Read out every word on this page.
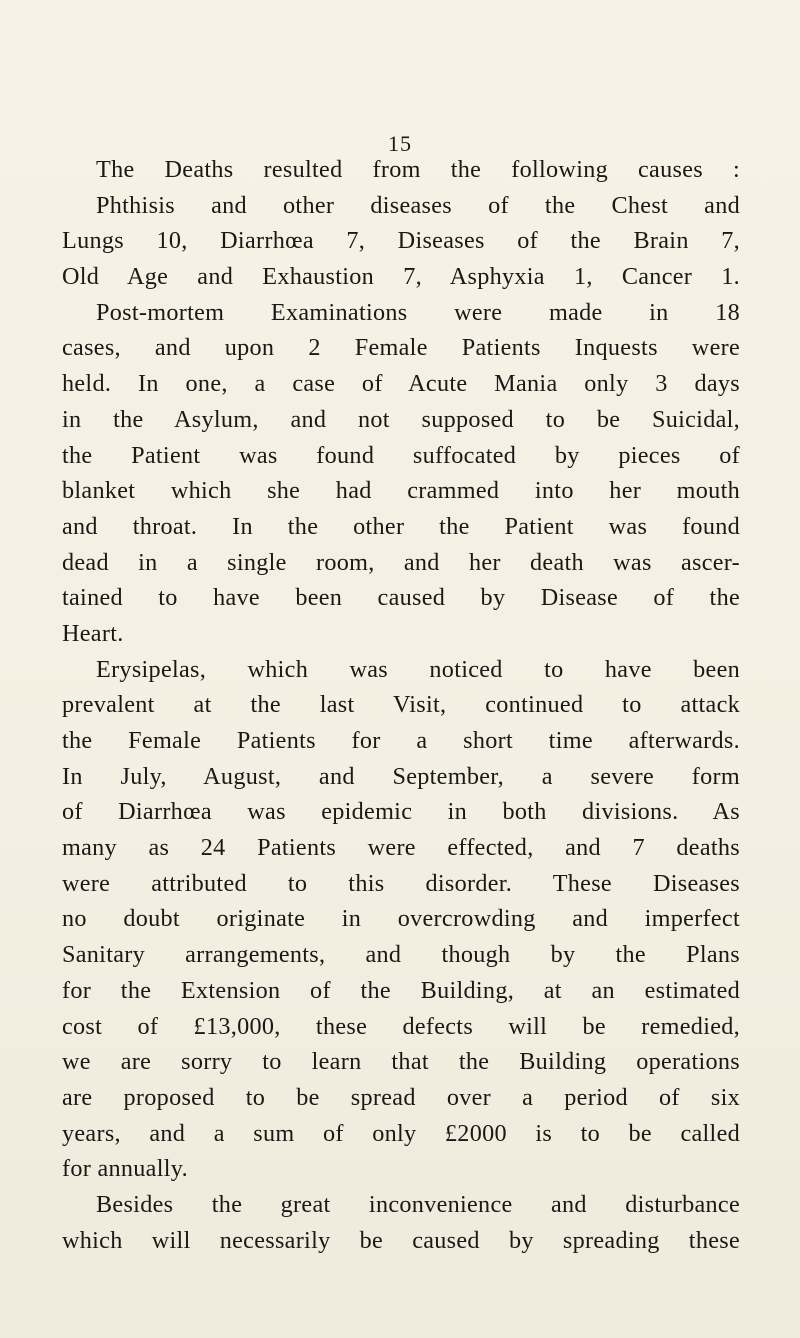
15
The Deaths resulted from the following causes :
Phthisis and other diseases of the Chest and
Lungs 10, Diarrhœa 7, Diseases of the Brain 7,
Old Age and Exhaustion 7, Asphyxia 1, Cancer 1.
Post-mortem Examinations were made in 18
cases, and upon 2 Female Patients Inquests were
held. In one, a case of Acute Mania only 3 days
in the Asylum, and not supposed to be Suicidal,
the Patient was found suffocated by pieces of
blanket which she had crammed into her mouth
and throat. In the other the Patient was found
dead in a single room, and her death was ascer-
tained to have been caused by Disease of the
Heart.
Erysipelas, which was noticed to have been
prevalent at the last Visit, continued to attack
the Female Patients for a short time afterwards.
In July, August, and September, a severe form
of Diarrhœa was epidemic in both divisions. As
many as 24 Patients were effected, and 7 deaths
were attributed to this disorder. These Diseases
no doubt originate in overcrowding and imperfect
Sanitary arrangements, and though by the Plans
for the Extension of the Building, at an estimated
cost of £13,000, these defects will be remedied,
we are sorry to learn that the Building operations
are proposed to be spread over a period of six
years, and a sum of only £2000 is to be called
for annually.
Besides the great inconvenience and disturbance
which will necessarily be caused by spreading these
